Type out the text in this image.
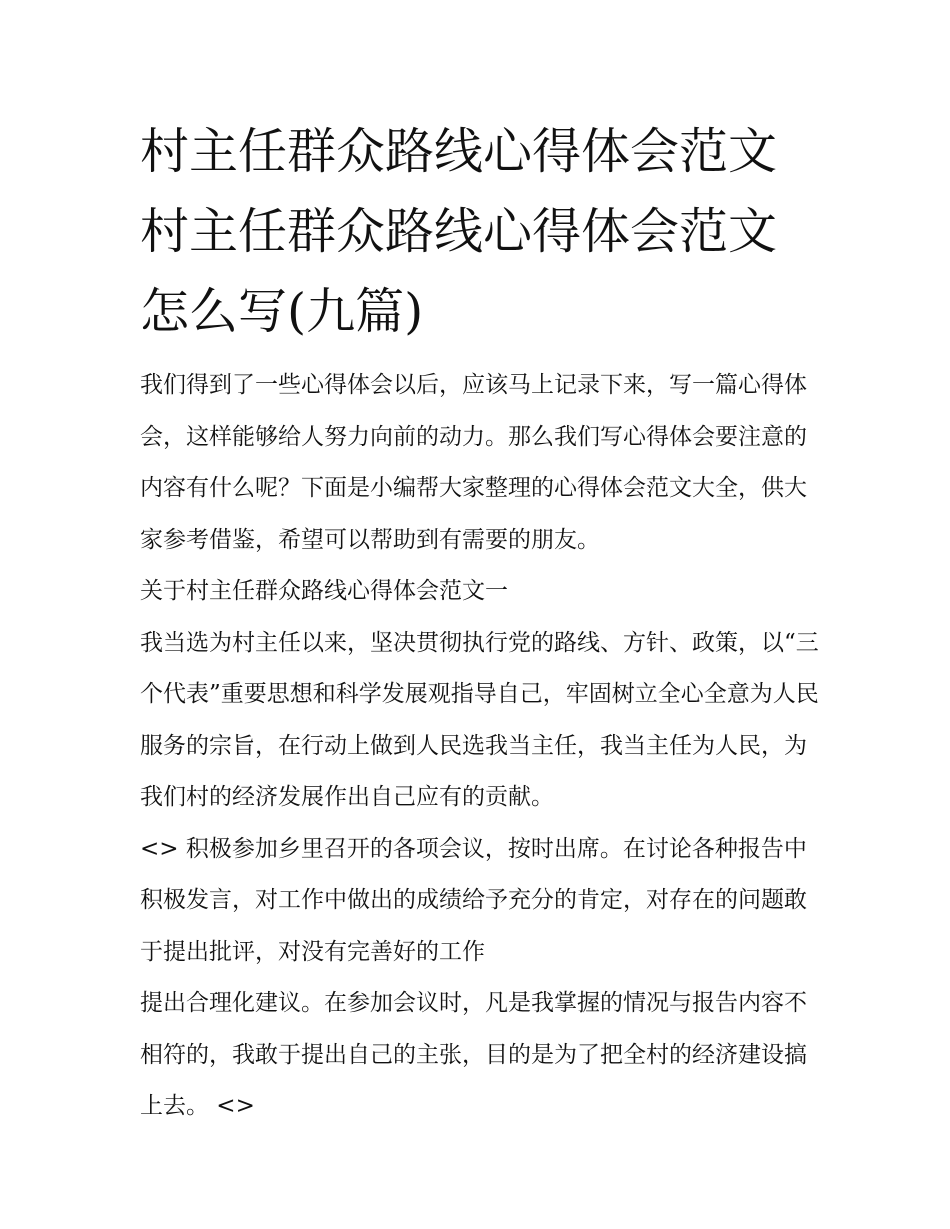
村主任群众路线心得体会范文村主任群众路线心得体会范文怎么写(九篇)

我们得到了一些心得体会以后，应该马上记录下来，写一篇心得体会，这样能够给人努力向前的动力。那么我们写心得体会要注意的内容有什么呢？下面是小编帮大家整理的心得体会范文大全，供大家参考借鉴，希望可以帮助到有需要的朋友。

关于村主任群众路线心得体会范文一

我当选为村主任以来，坚决贯彻执行党的路线、方针、政策，以“三个代表”重要思想和科学发展观指导自己，牢固树立全心全意为人民服务的宗旨，在行动上做到人民选我当主任，我当主任为人民，为我们村的经济发展作出自己应有的贡献。

<> 积极参加乡里召开的各项会议，按时出席。在讨论各种报告中积极发言，对工作中做出的成绩给予充分的肯定，对存在的问题敢于提出批评，对没有完善好的工作

提出合理化建议。在参加会议时，凡是我掌握的情况与报告内容不相符的，我敢于提出自己的主张，目的是为了把全村的经济建设搞上去。 <>
